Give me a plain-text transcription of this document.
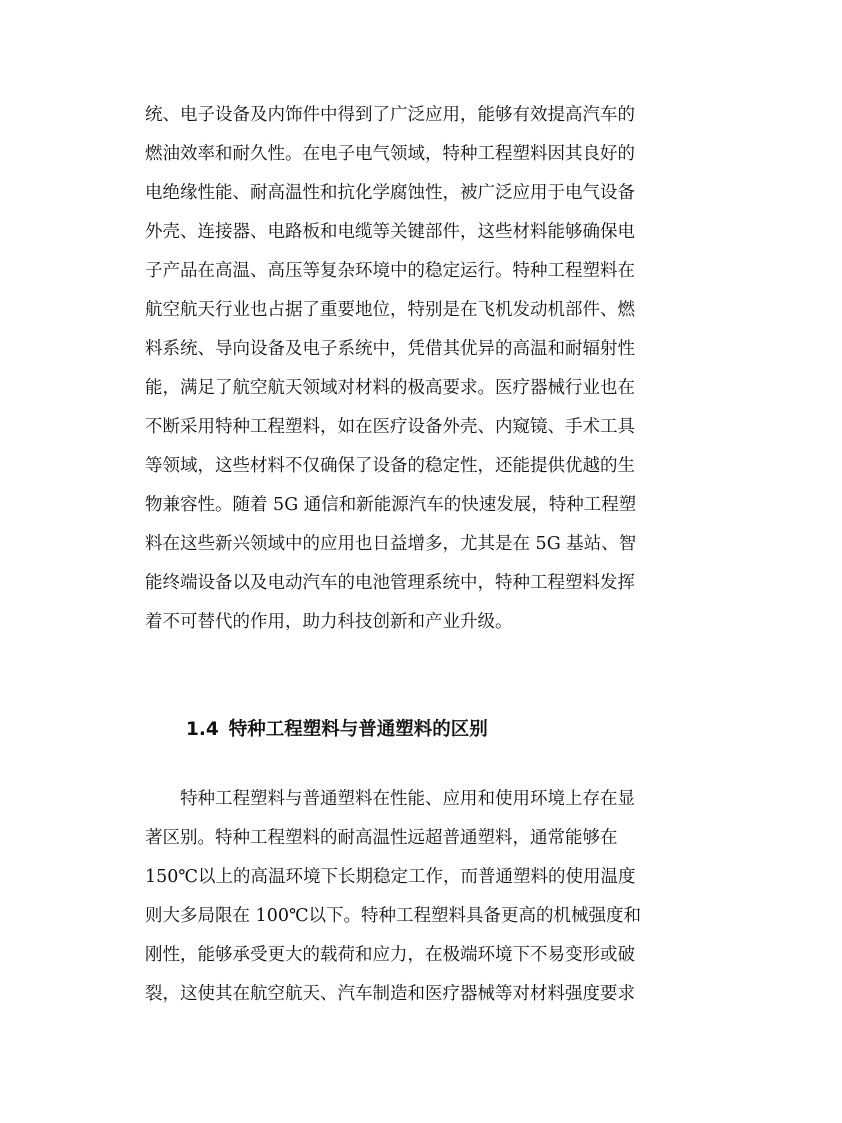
统、电子设备及内饰件中得到了广泛应用，能够有效提高汽车的
燃油效率和耐久性。在电子电气领域，特种工程塑料因其良好的
电绝缘性能、耐高温性和抗化学腐蚀性，被广泛应用于电气设备
外壳、连接器、电路板和电缆等关键部件，这些材料能够确保电
子产品在高温、高压等复杂环境中的稳定运行。特种工程塑料在
航空航天行业也占据了重要地位，特别是在飞机发动机部件、燃
料系统、导向设备及电子系统中，凭借其优异的高温和耐辐射性
能，满足了航空航天领域对材料的极高要求。医疗器械行业也在
不断采用特种工程塑料，如在医疗设备外壳、内窥镜、手术工具
等领域，这些材料不仅确保了设备的稳定性，还能提供优越的生
物兼容性。随着 5G 通信和新能源汽车的快速发展，特种工程塑
料在这些新兴领域中的应用也日益增多，尤其是在 5G 基站、智
能终端设备以及电动汽车的电池管理系统中，特种工程塑料发挥
着不可替代的作用，助力科技创新和产业升级。
1.4 特种工程塑料与普通塑料的区别
　　特种工程塑料与普通塑料在性能、应用和使用环境上存在显
著区别。特种工程塑料的耐高温性远超普通塑料，通常能够在
150℃以上的高温环境下长期稳定工作，而普通塑料的使用温度
则大多局限在 100℃以下。特种工程塑料具备更高的机械强度和
刚性，能够承受更大的载荷和应力，在极端环境下不易变形或破
裂，这使其在航空航天、汽车制造和医疗器械等对材料强度要求
